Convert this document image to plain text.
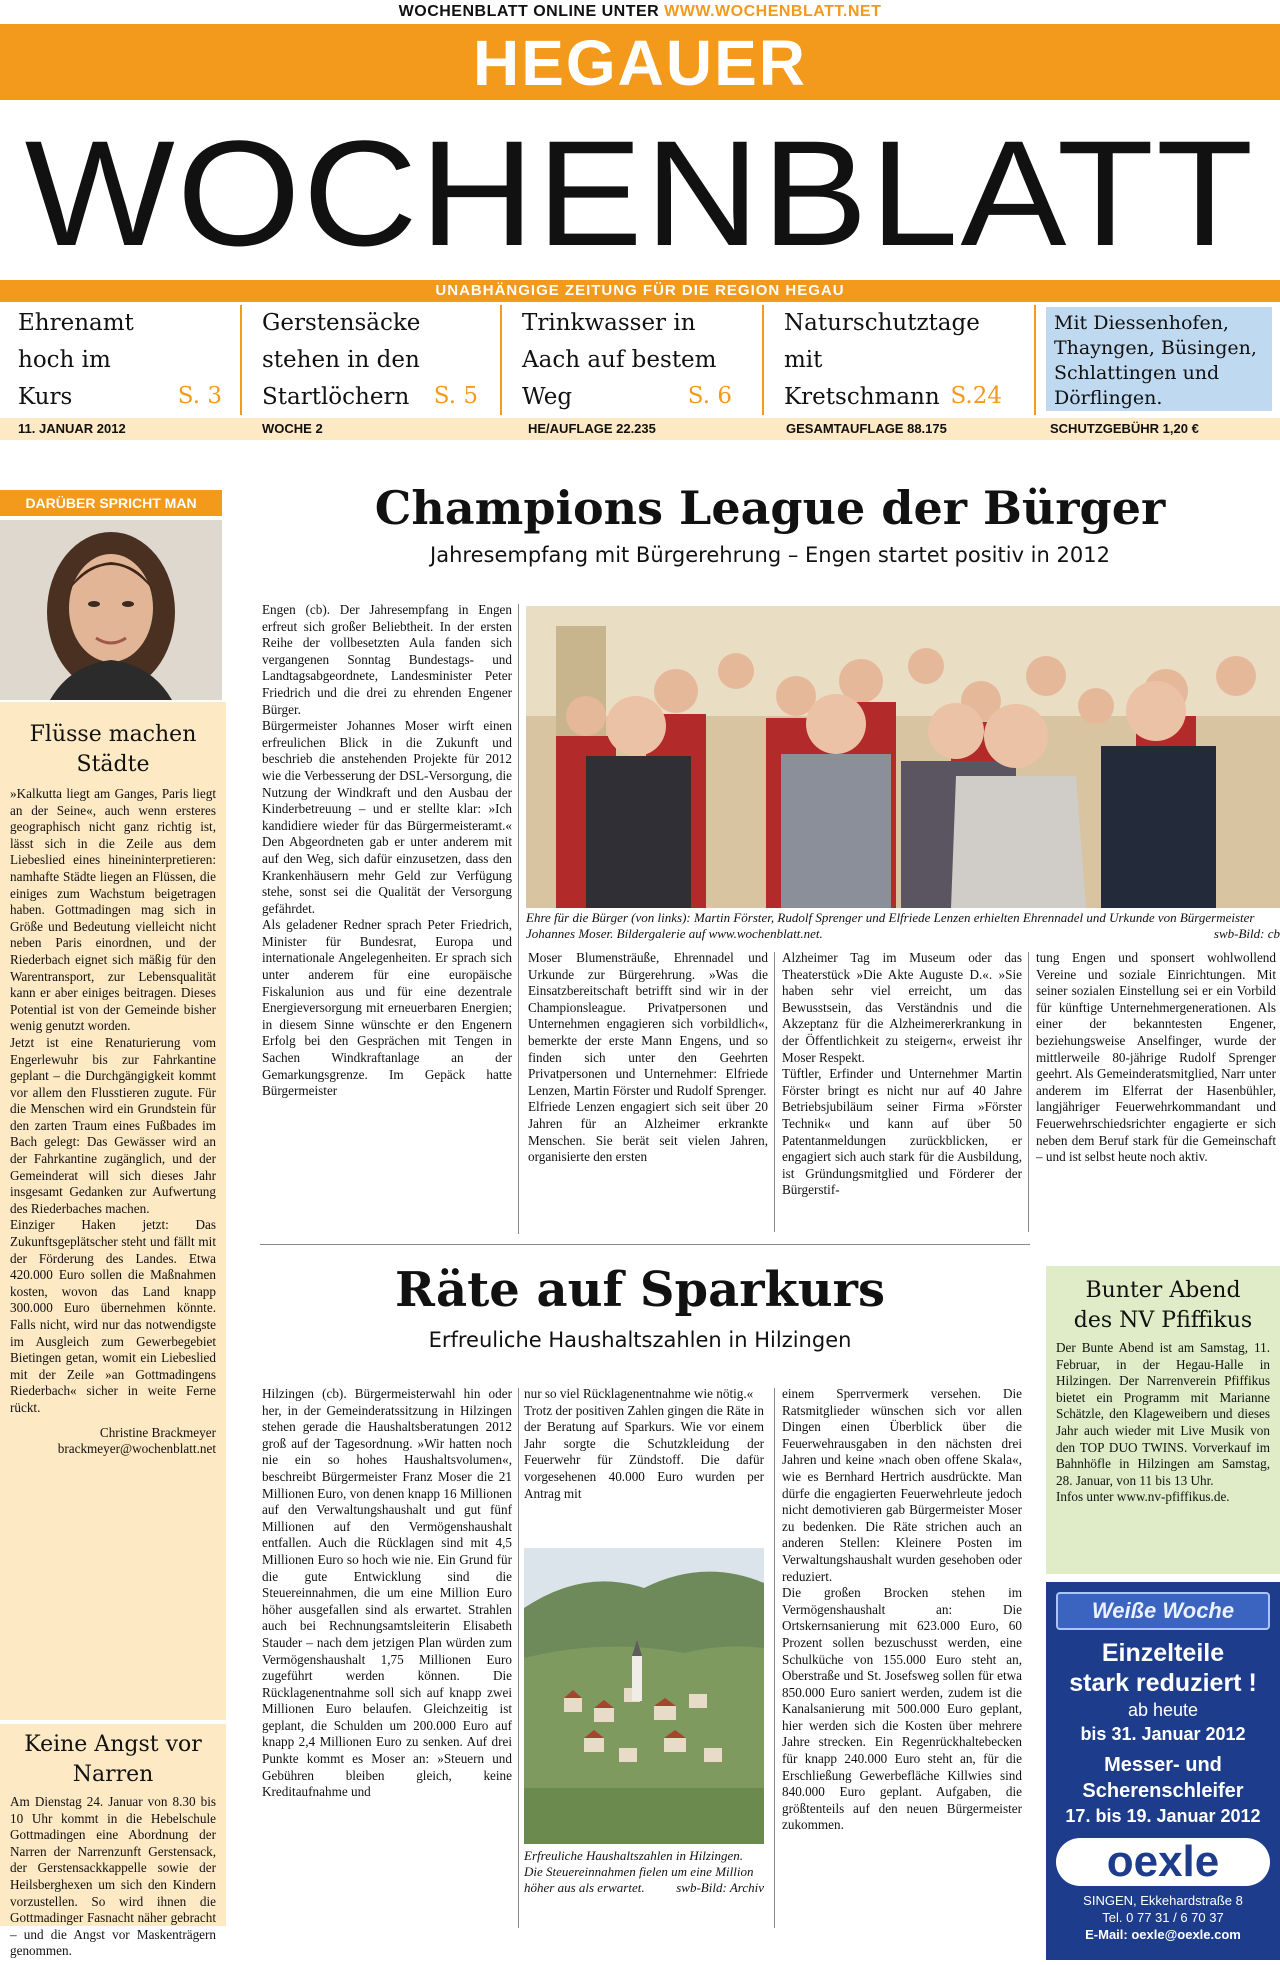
WOCHENBLATT ONLINE UNTER WWW.WOCHENBLATT.NET
HEGAUER
WOCHENBLATT
UNABHÄNGIGE ZEITUNG FÜR DIE REGION HEGAU
Ehrenamt
hoch im
Kurs	S. 3
Gerstensäcke
stehen in den
Startlöchern	S. 5
Trinkwasser in
Aach auf bestem
Weg	S. 6
Naturschutztage
mit
Kretschmann S.24
Mit Diessenhofen,
Thayngen, Büsingen,
Schlattingen und
Dörflingen.
11. JANUAR 2012	WOCHE 2	HE/AUFLAGE 22.235	GESAMTAUFLAGE 88.175	SCHUTZGEBÜHR 1,20 €
DARÜBER SPRICHT MAN
Flüsse machen
Städte

»Kalkutta liegt am Ganges, Paris liegt an der Seine«, auch wenn ersteres geographisch nicht ganz richtig ist, lässt sich in die Zeile aus dem Liebeslied eines hineininterpretieren: namhafte Städte liegen an Flüssen, die einiges zum Wachstum beigetragen haben. Gottmadingen mag sich in Größe und Bedeutung vielleicht nicht neben Paris einordnen, und der Riederbach eignet sich mäßig für den Warentransport, zur Lebensqualität kann er aber einiges beitragen. Dieses Potential ist von der Gemeinde bisher wenig genutzt worden.

Jetzt ist eine Renaturierung vom Engerlewuhr bis zur Fahrkantine geplant – die Durchgängigkeit kommt vor allem den Flusstieren zugute. Für die Menschen wird ein Grundstein für den zarten Traum eines Fußbades im Bach gelegt: Das Gewässer wird an der Fahrkantine zugänglich, und der Gemeinderat will sich dieses Jahr insgesamt Gedanken zur Aufwertung des Riederbaches machen.

Einziger Haken jetzt: Das Zukunftsgeplätscher steht und fällt mit der Förderung des Landes. Etwa 420.000 Euro sollen die Maßnahmen kosten, wovon das Land knapp 300.000 Euro übernehmen könnte. Falls nicht, wird nur das notwendigste im Ausgleich zum Gewerbegebiet Bietingen getan, womit ein Liebeslied mit der Zeile »an Gottmadingens Riederbach« sicher in weite Ferne rückt.

Christine Brackmeyer

brackmeyer@wochenblatt.net

Keine Angst vor
Narren
Am Dienstag 24. Januar von 8.30 bis 10 Uhr kommt in die Hebelschule Gottmadingen eine Abordnung der Narren der Narrenzunft Gerstensack, der Gerstensackkappelle sowie der Heilsberghexen um sich den Kindern vorzustellen. So wird ihnen die Gottmadinger Fasnacht näher gebracht – und die Angst vor Maskenträgern genommen.
Champions League der Bürger
Jahresempfang mit Bürgerehrung – Engen startet positiv in 2012
Engen (cb). Der Jahresempfang in Engen erfreut sich großer Beliebtheit. In der ersten Reihe der vollbesetzten Aula fanden sich vergangenen Sonntag Bundestags- und Landtagsabgeordnete, Landesminister Peter Friedrich und die drei zu ehrenden Engener Bürger.
Bürgermeister Johannes Moser wirft einen erfreulichen Blick in die Zukunft und beschrieb die anstehenden Projekte für 2012 wie die Verbesserung der DSL-Versorgung, die Nutzung der Windkraft und den Ausbau der Kinderbetreuung – und er stellte klar: »Ich kandidiere wieder für das Bürgermeisteramt.« Den Abgeordneten gab er unter anderem mit auf den Weg, sich dafür einzusetzen, dass den Krankenhäusern mehr Geld zur Verfügung stehe, sonst sei die Qualität der Versorgung gefährdet.
Als geladener Redner sprach Peter Friedrich, Minister für Bundesrat, Europa und internationale Angelegenheiten. Er sprach sich unter anderem für eine europäische Fiskalunion aus und für eine dezentrale Energieversorgung mit erneuerbaren Energien; in diesem Sinne wünschte er den Engenern Erfolg bei den Gesprächen mit Tengen in Sachen Windkraftanlage an der Gemarkungsgrenze. Im Gepäck hatte Bürgermeister
Ehre für die Bürger (von links): Martin Förster, Rudolf Sprenger und Elfriede Lenzen erhielten Ehrennadel und Urkunde von Bürgermeister Johannes Moser. Bildergalerie auf www.wochenblatt.net.	swb-Bild: cb
Moser Blumensträuße, Ehrennadel und Urkunde zur Bürgerehrung. »Was die Einsatzbereitschaft betrifft sind wir in der Championsleague. Privatpersonen und Unternehmen engagieren sich vorbildlich«, bemerkte der erste Mann Engens, und so finden sich unter den Geehrten Privatpersonen und Unternehmer: Elfriede Lenzen, Martin Förster und Rudolf Sprenger.
Elfriede Lenzen engagiert sich seit über 20 Jahren für an Alzheimer erkrankte Menschen. Sie berät seit vielen Jahren, organisierte den ersten
Alzheimer Tag im Museum oder das Theaterstück »Die Akte Auguste D.«. »Sie haben sehr viel erreicht, um das Bewusstsein, das Verständnis und die Akzeptanz für die Alzheimererkrankung in der Öffentlichkeit zu steigern«, erweist ihr Moser Respekt.
Tüftler, Erfinder und Unternehmer Martin Förster bringt es nicht nur auf 40 Jahre Betriebsjubiläum seiner Firma »Förster Technik« und kann auf über 50 Patentanmeldungen zurückblicken, er engagiert sich auch stark für die Ausbildung, ist Gründungsmitglied und Förderer der Bürgerstif-
tung Engen und sponsert wohlwollend Vereine und soziale Einrichtungen. Mit seiner sozialen Einstellung sei er ein Vorbild für künftige Unternehmergenerationen. Als einer der bekanntesten Engener, beziehungsweise Anselfinger, wurde der mittlerweile 80-jährige Rudolf Sprenger geehrt. Als Gemeinderatsmitglied, Narr unter anderem im Elferrat der Hasenbühler, langjähriger Feuerwehrkommandant und Feuerwehrschiedsrichter engagierte er sich neben dem Beruf stark für die Gemeinschaft – und ist selbst heute noch aktiv.
Räte auf Sparkurs
Erfreuliche Haushaltszahlen in Hilzingen
Hilzingen (cb). Bürgermeisterwahl hin oder her, in der Gemeinderatssitzung in Hilzingen stehen gerade die Haushaltsberatungen 2012 groß auf der Tagesordnung. »Wir hatten noch nie ein so hohes Haushaltsvolumen«, beschreibt Bürgermeister Franz Moser die 21 Millionen Euro, von denen knapp 16 Millionen auf den Verwaltungshaushalt und gut fünf Millionen auf den Vermögenshaushalt entfallen. Auch die Rücklagen sind mit 4,5 Millionen Euro so hoch wie nie. Ein Grund für die gute Entwicklung sind die Steuereinnahmen, die um eine Million Euro höher ausgefallen sind als erwartet. Strahlen auch bei Rechnungsamtsleiterin Elisabeth Stauder – nach dem jetzigen Plan würden zum Vermögenshaushalt 1,75 Millionen Euro zugeführt werden können. Die Rücklagenentnahme soll sich auf knapp zwei Millionen Euro belaufen. Gleichzeitig ist geplant, die Schulden um 200.000 Euro auf knapp 2,4 Millionen Euro zu senken. Auf drei Punkte kommt es Moser an: »Steuern und Gebühren bleiben gleich, keine Kreditaufnahme und
nur so viel Rücklagenentnahme wie nötig.«
Trotz der positiven Zahlen gingen die Räte in der Beratung auf Sparkurs. Wie vor einem Jahr sorgte die Schutzkleidung der Feuerwehr für Zündstoff. Die dafür vorgesehenen 40.000 Euro wurden per Antrag mit
Erfreuliche Haushaltszahlen in Hilzingen. Die Steuereinnahmen fielen um eine Million höher aus als erwartet. swb-Bild: Archiv
einem Sperrvermerk versehen. Die Ratsmitglieder wünschen sich vor allen Dingen einen Überblick über die Feuerwehrausgaben in den nächsten drei Jahren und keine »nach oben offene Skala«, wie es Bernhard Hertrich ausdrückte. Man dürfe die engagierten Feuerwehrleute jedoch nicht demotivieren gab Bürgermeister Moser zu bedenken. Die Räte strichen auch an anderen Stellen: Kleinere Posten im Verwaltungshaushalt wurden gesehoben oder reduziert.
Die großen Brocken stehen im Vermögenshaushalt an: Die Ortskernsanierung mit 623.000 Euro, 60 Prozent sollen bezuschusst werden, eine Schulküche von 155.000 Euro steht an, Oberstraße und St. Josefsweg sollen für etwa 850.000 Euro saniert werden, zudem ist die Kanalsanierung mit 500.000 Euro geplant, hier werden sich die Kosten über mehrere Jahre strecken. Ein Regenrückhaltebecken für knapp 240.000 Euro steht an, für die Erschließung Gewerbefläche Killwies sind 840.000 Euro geplant. Aufgaben, die größtenteils auf den neuen Bürgermeister zukommen.
Bunter Abend
des NV Pfiffikus

Der Bunte Abend ist am Samstag, 11. Februar, in der Hegau-Halle in Hilzingen. Der Narrenverein Pfiffikus bietet ein Programm mit Marianne Schätzle, den Klageweibern und dieses Jahr auch wieder mit Live Musik von den TOP DUO TWINS. Vorverkauf im Bahnhöfle in Hilzingen am Samstag, 28. Januar, von 11 bis 13 Uhr.

Infos unter www.nv-pfiffikus.de.

Weiße Woche
Einzelteile
stark reduziert !
ab heute
bis 31. Januar 2012
Messer- und
Scherenschleifer
17. bis 19. Januar 2012
oexle
SINGEN, Ekkehardstraße 8
Tel. 0 77 31 / 6 70 37
E-Mail: oexle@oexle.com
